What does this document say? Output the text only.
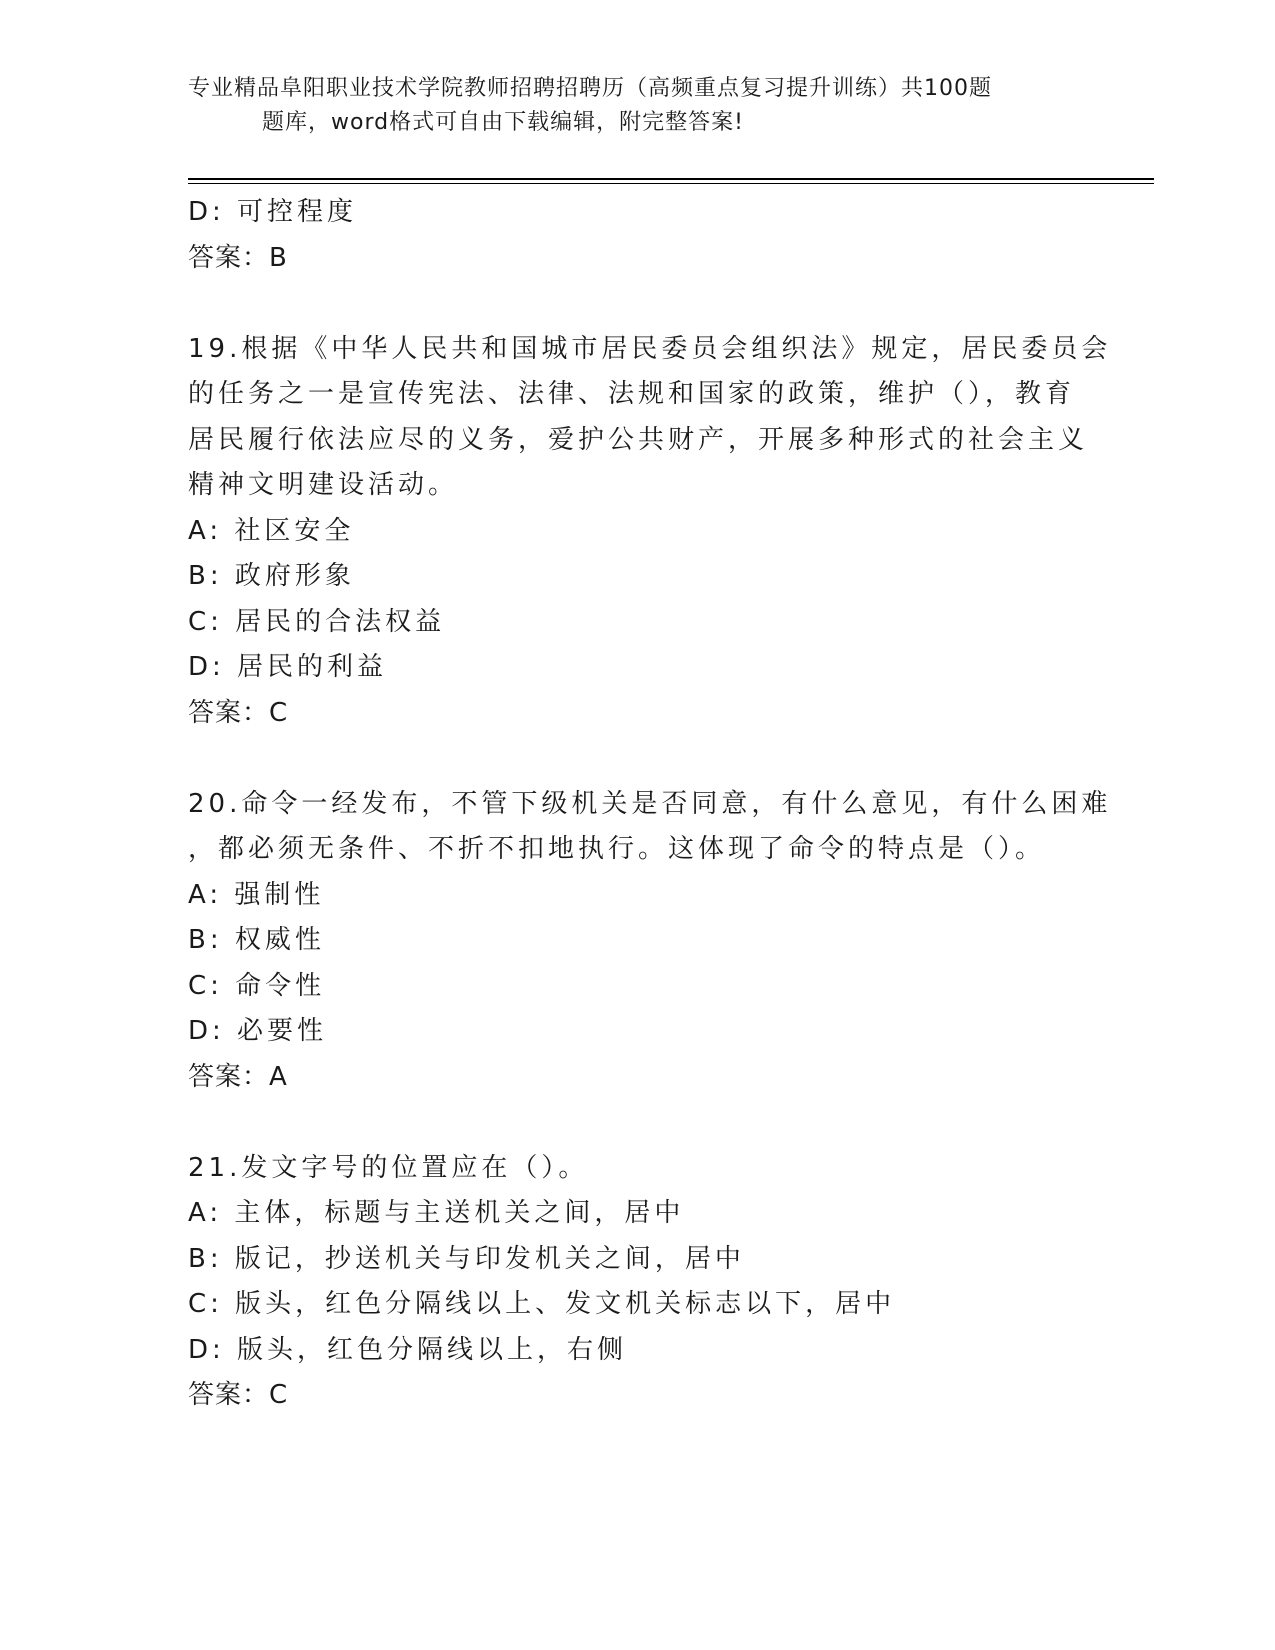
专业精品阜阳职业技术学院教师招聘招聘历（高频重点复习提升训练）共100题
题库，word格式可自由下载编辑，附完整答案!
D: 可控程度
答案：B
19.根据《中华人民共和国城市居民委员会组织法》规定，居民委员会
的任务之一是宣传宪法、法律、法规和国家的政策，维护（），教育
居民履行依法应尽的义务，爱护公共财产，开展多种形式的社会主义
精神文明建设活动。
A: 社区安全
B: 政府形象
C: 居民的合法权益
D: 居民的利益
答案：C
20.命令一经发布，不管下级机关是否同意，有什么意见，有什么困难
，都必须无条件、不折不扣地执行。这体现了命令的特点是（）。
A: 强制性
B: 权威性
C: 命令性
D: 必要性
答案：A
21.发文字号的位置应在（）。
A: 主体，标题与主送机关之间，居中
B: 版记，抄送机关与印发机关之间，居中
C: 版头，红色分隔线以上、发文机关标志以下，居中
D: 版头，红色分隔线以上，右侧
答案：C
